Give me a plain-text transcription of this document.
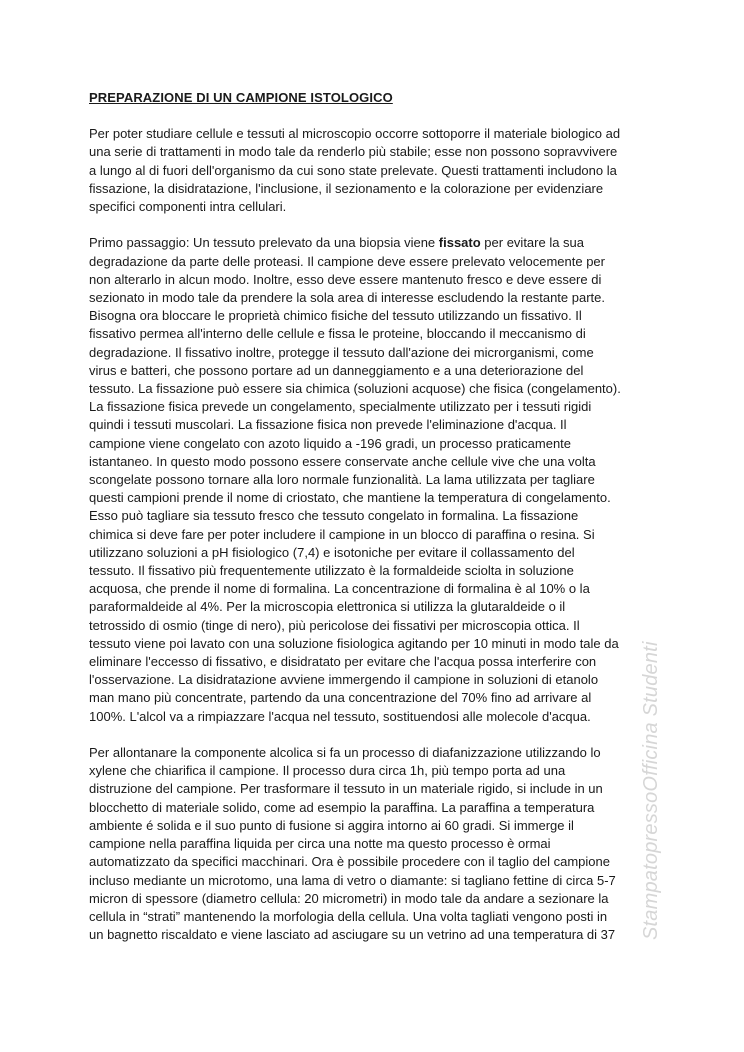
PREPARAZIONE DI UN CAMPIONE ISTOLOGICO
Per poter studiare cellule e tessuti al microscopio occorre sottoporre il materiale biologico ad
una serie di trattamenti in modo tale da renderlo più stabile; esse non possono sopravvivere
a lungo al di fuori dell'organismo da cui sono state prelevate. Questi trattamenti includono la
fissazione, la disidratazione, l'inclusione, il sezionamento e la colorazione per evidenziare
specifici componenti intra cellulari.
Primo passaggio: Un tessuto prelevato da una biopsia viene fissato per evitare la sua
degradazione da parte delle proteasi. Il campione deve essere prelevato velocemente per
non alterarlo in alcun modo. Inoltre, esso deve essere mantenuto fresco e deve essere di
sezionato in modo tale da prendere la sola area di interesse escludendo la restante parte.
Bisogna ora bloccare le proprietà chimico fisiche del tessuto utilizzando un fissativo. Il
fissativo permea all'interno delle cellule e fissa le proteine, bloccando il meccanismo di
degradazione. Il fissativo inoltre, protegge il tessuto dall'azione dei microrganismi, come
virus e batteri, che possono portare ad un danneggiamento e a una deteriorazione del
tessuto. La fissazione può essere sia chimica (soluzioni acquose) che fisica (congelamento).
La fissazione fisica prevede un congelamento, specialmente utilizzato per i tessuti rigidi
quindi i tessuti muscolari. La fissazione fisica non prevede l'eliminazione d'acqua. Il
campione viene congelato con azoto liquido a -196 gradi, un processo praticamente
istantaneo. In questo modo possono essere conservate anche cellule vive che una volta
scongelate possono tornare alla loro normale funzionalità. La lama utilizzata per tagliare
questi campioni prende il nome di criostato, che mantiene la temperatura di congelamento.
Esso può tagliare sia tessuto fresco che tessuto congelato in formalina. La fissazione
chimica si deve fare per poter includere il campione in un blocco di paraffina o resina. Si
utilizzano soluzioni a pH fisiologico (7,4) e isotoniche per evitare il collassamento del
tessuto. Il fissativo più frequentemente utilizzato è la formaldeide sciolta in soluzione
acquosa, che prende il nome di formalina. La concentrazione di formalina è al 10% o la
paraformaldeide al 4%. Per la microscopia elettronica si utilizza la glutaraldeide o il
tetrossido di osmio (tinge di nero), più pericolose dei fissativi per microscopia ottica. Il
tessuto viene poi lavato con una soluzione fisiologica agitando per 10 minuti in modo tale da
eliminare l'eccesso di fissativo, e disidratato per evitare che l'acqua possa interferire con
l'osservazione. La disidratazione avviene immergendo il campione in soluzioni di etanolo
man mano più concentrate, partendo da una concentrazione del 70% fino ad arrivare al
100%. L'alcol va a rimpiazzare l'acqua nel tessuto, sostituendosi alle molecole d'acqua.
Per allontanare la componente alcolica si fa un processo di diafanizzazione utilizzando lo
xylene che chiarifica il campione. Il processo dura circa 1h, più tempo porta ad una
distruzione del campione. Per trasformare il tessuto in un materiale rigido, si include in un
blocchetto di materiale solido, come ad esempio la paraffina. La paraffina a temperatura
ambiente é solida e il suo punto di fusione si aggira intorno ai 60 gradi. Si immerge il
campione nella paraffina liquida per circa una notte ma questo processo è ormai
automatizzato da specifici macchinari. Ora è possibile procedere con il taglio del campione
incluso mediante un microtomo, una lama di vetro o diamante: si tagliano fettine di circa 5-7
micron di spessore (diametro cellula: 20 micrometri) in modo tale da andare a sezionare la
cellula in “strati” mantenendo la morfologia della cellula. Una volta tagliati vengono posti in
un bagnetto riscaldato e viene lasciato ad asciugare su un vetrino ad una temperatura di 37	StampatopressoOfficina Studenti
